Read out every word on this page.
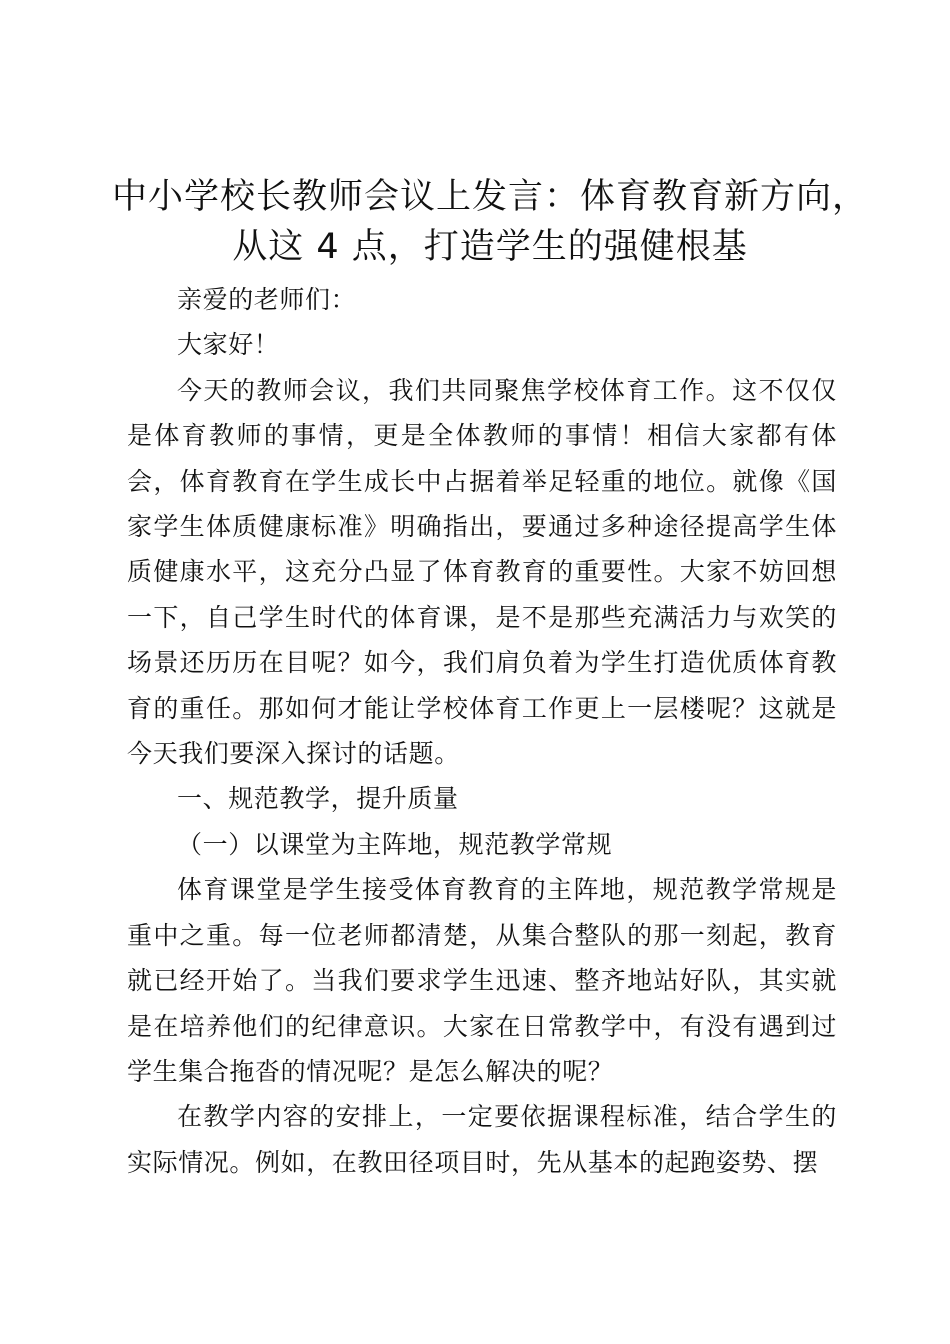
中小学校长教师会议上发言：体育教育新方向，
从这 4 点，打造学生的强健根基

亲爱的老师们：

大家好！

今天的教师会议，我们共同聚焦学校体育工作。这不仅仅是体育教师的事情，更是全体教师的事情！相信大家都有体会，体育教育在学生成长中占据着举足轻重的地位。就像《国家学生体质健康标准》明确指出，要通过多种途径提高学生体质健康水平，这充分凸显了体育教育的重要性。大家不妨回想一下，自己学生时代的体育课，是不是那些充满活力与欢笑的场景还历历在目呢？如今，我们肩负着为学生打造优质体育教育的重任。那如何才能让学校体育工作更上一层楼呢？这就是今天我们要深入探讨的话题。

一、规范教学，提升质量

（一）以课堂为主阵地，规范教学常规

体育课堂是学生接受体育教育的主阵地，规范教学常规是重中之重。每一位老师都清楚，从集合整队的那一刻起，教育就已经开始了。当我们要求学生迅速、整齐地站好队，其实就是在培养他们的纪律意识。大家在日常教学中，有没有遇到过学生集合拖沓的情况呢？是怎么解决的呢？

在教学内容的安排上，一定要依据课程标准，结合学生的实际情况。例如，在教田径项目时，先从基本的起跑姿势、摆
